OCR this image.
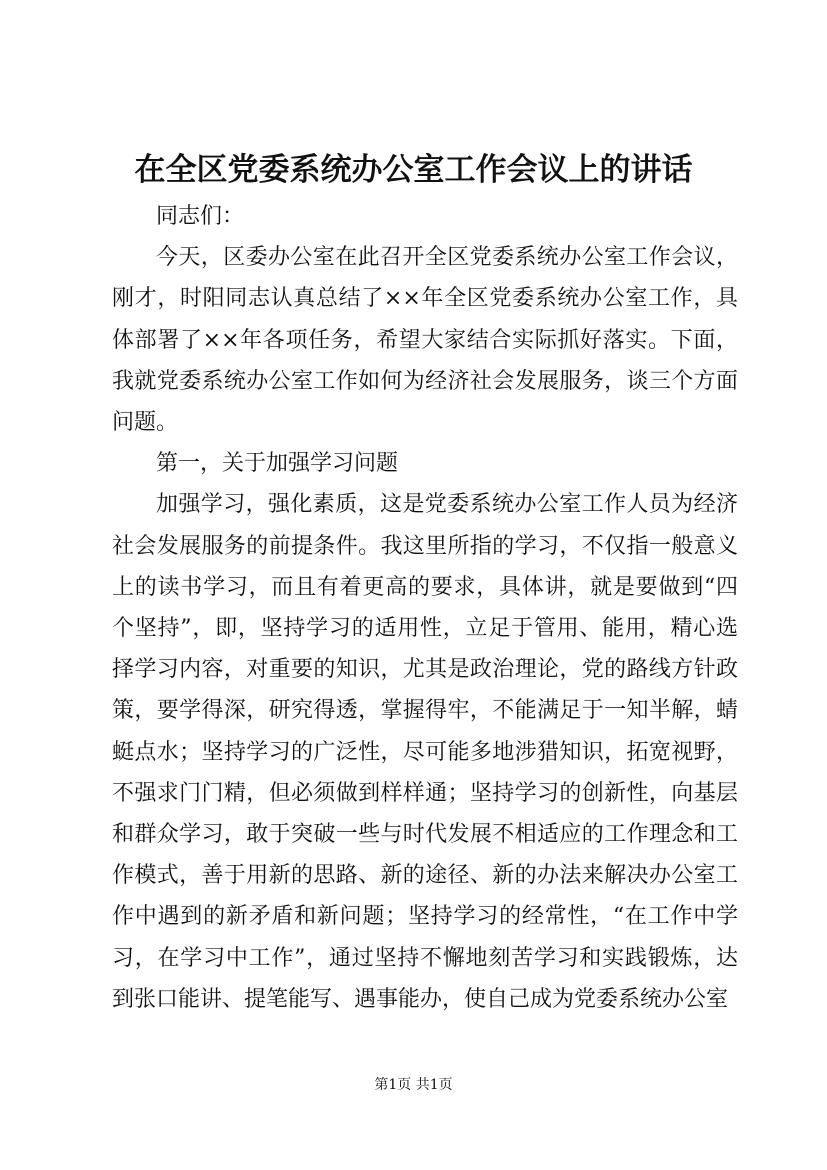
在全区党委系统办公室工作会议上的讲话

同志们：

今天，区委办公室在此召开全区党委系统办公室工作会议，刚才，时阳同志认真总结了××年全区党委系统办公室工作，具体部署了××年各项任务，希望大家结合实际抓好落实。下面，我就党委系统办公室工作如何为经济社会发展服务，谈三个方面问题。

第一，关于加强学习问题

加强学习，强化素质，这是党委系统办公室工作人员为经济社会发展服务的前提条件。我这里所指的学习，不仅指一般意义上的读书学习，而且有着更高的要求，具体讲，就是要做到“四个坚持”，即，坚持学习的适用性，立足于管用、能用，精心选择学习内容，对重要的知识，尤其是政治理论，党的路线方针政策，要学得深，研究得透，掌握得牢，不能满足于一知半解，蜻蜓点水；坚持学习的广泛性，尽可能多地涉猎知识，拓宽视野，不强求门门精，但必须做到样样通；坚持学习的创新性，向基层和群众学习，敢于突破一些与时代发展不相适应的工作理念和工作模式，善于用新的思路、新的途径、新的办法来解决办公室工作中遇到的新矛盾和新问题；坚持学习的经常性，“在工作中学习，在学习中工作”，通过坚持不懈地刻苦学习和实践锻炼，达到张口能讲、提笔能写、遇事能办，使自己成为党委系统办公室

第1页 共1页
